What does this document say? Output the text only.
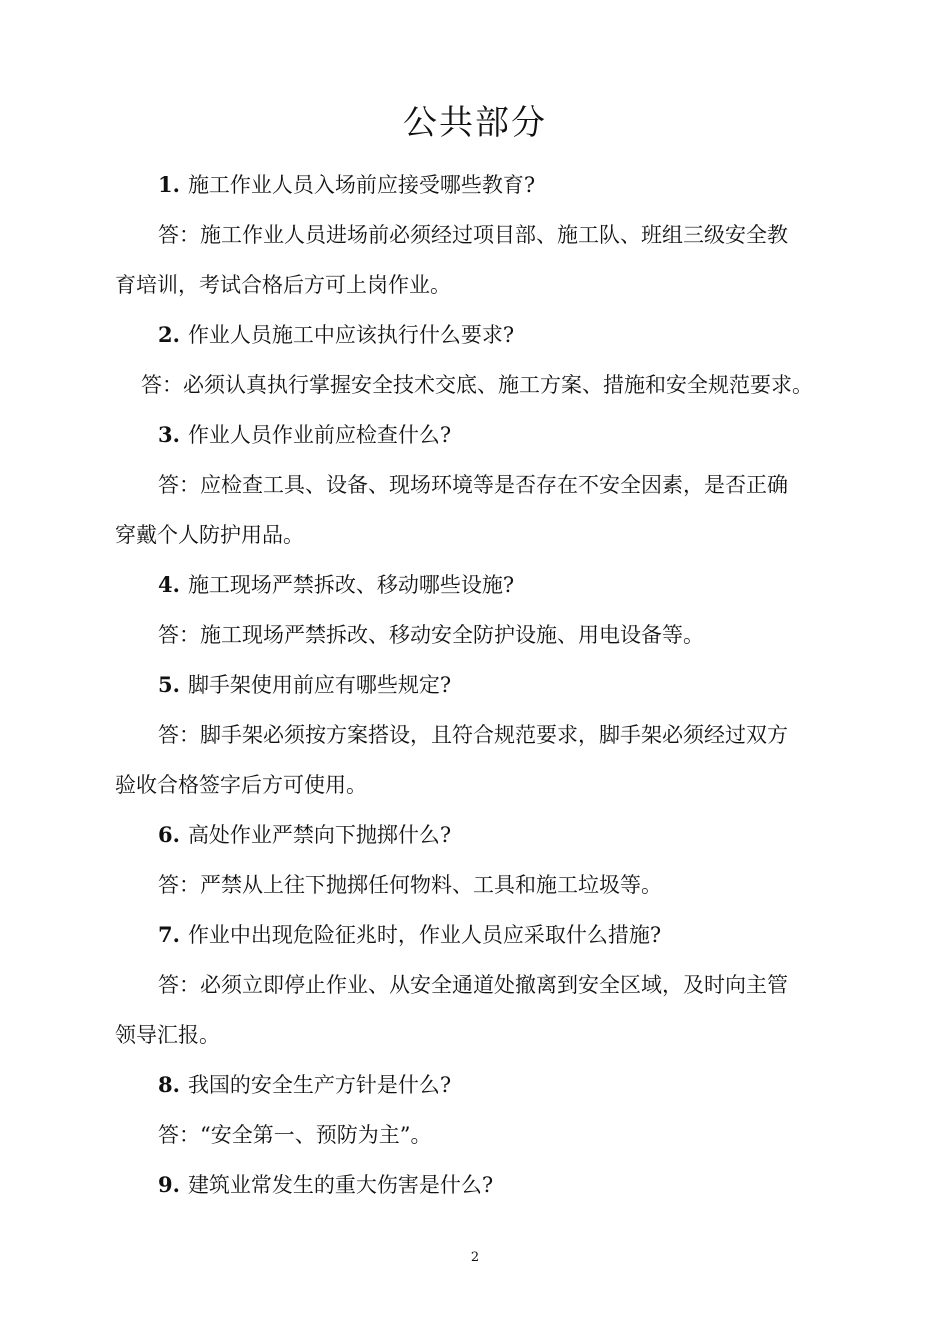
公共部分
1. 施工作业人员入场前应接受哪些教育?
答：施工作业人员进场前必须经过项目部、施工队、班组三级安全教
育培训，考试合格后方可上岗作业。
2. 作业人员施工中应该执行什么要求?
答：必须认真执行掌握安全技术交底、施工方案、措施和安全规范要求。
3. 作业人员作业前应检查什么?
答：应检查工具、设备、现场环境等是否存在不安全因素，是否正确
穿戴个人防护用品。
4. 施工现场严禁拆改、移动哪些设施?
答：施工现场严禁拆改、移动安全防护设施、用电设备等。
5. 脚手架使用前应有哪些规定?
答：脚手架必须按方案搭设，且符合规范要求，脚手架必须经过双方
验收合格签字后方可使用。
6. 高处作业严禁向下抛掷什么?
答：严禁从上往下抛掷任何物料、工具和施工垃圾等。
7. 作业中出现危险征兆时，作业人员应采取什么措施?
答：必须立即停止作业、从安全通道处撤离到安全区域，及时向主管
领导汇报。
8. 我国的安全生产方针是什么?
答：“安全第一、预防为主”。
9. 建筑业常发生的重大伤害是什么?
2
